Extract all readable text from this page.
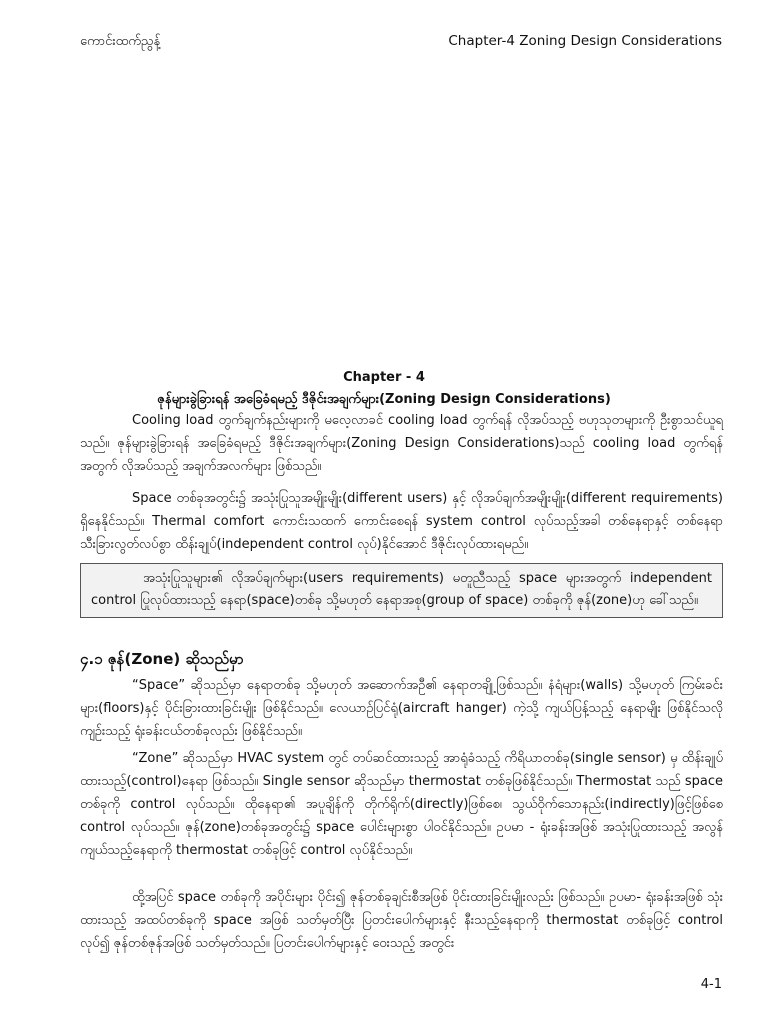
ကောင်းထက်ညွန့်	Chapter-4 Zoning Design Considerations
Chapter - 4
ဇုန်များခွဲခြားရန် အခြေခံရမည့် ဒီဇိုင်းအချက်များ(Zoning Design Considerations)

Cooling load တွက်ချက်နည်းများကို မလေ့လာခင် cooling load တွက်ရန် လိုအပ်သည့် ဗဟုသုတများကို ဦးစွာသင်ယူရသည်။ ဇုန်များခွဲခြားရန် အခြေခံရမည့် ဒီဇိုင်းအချက်များ(Zoning Design Considerations)သည် cooling load တွက်ရန်အတွက် လိုအပ်သည့် အချက်အလက်များ ဖြစ်သည်။

Space တစ်ခုအတွင်း၌ အသုံးပြုသူအမျိုးမျိုး(different users) နှင့် လိုအပ်ချက်အမျိုးမျိုး(different requirements) ရှိနေနိုင်သည်။ Thermal comfort ကောင်းသထက် ကောင်းစေရန် system control လုပ်သည့်အခါ တစ်နေရာနှင့် တစ်နေရာ သီးခြားလွတ်လပ်စွာ ထိန်းချုပ်(independent control လုပ်)နိုင်အောင် ဒီဇိုင်းလုပ်ထားရမည်။

အသုံးပြုသူများ၏ လိုအပ်ချက်များ(users requirements) မတူညီသည့် space များအတွက် independent control ပြုလုပ်ထားသည့် နေရာ(space)တစ်ခု သို့မဟုတ် နေရာအစု(group of space) တစ်ခုကို ဇုန်(zone)ဟု ခေါ်သည်။

၄.၁ ဇုန်(Zone) ဆိုသည်မှာ

“Space” ဆိုသည်မှာ နေရာတစ်ခု သို့မဟုတ် အဆောက်အဦ၏ နေရာတချို့ဖြစ်သည်။ နံရံများ(walls) သို့မဟုတ် ကြမ်းခင်းများ(floors)နှင့် ပိုင်းခြားထားခြင်းမျိုး ဖြစ်နိုင်သည်။ လေယာဉ်ပြင်ရုံ(aircraft hanger) ကဲ့သို့ ကျယ်ပြန့်သည့် နေရာမျိုး ဖြစ်နိုင်သလို ကျဉ်းသည့် ရုံးခန်းငယ်တစ်ခုလည်း ဖြစ်နိုင်သည်။

“Zone” ဆိုသည်မှာ HVAC system တွင် တပ်ဆင်ထားသည့် အာရုံခံသည့် ကိရိယာတစ်ခု(single sensor) မှ ထိန်းချုပ်ထားသည့်(control)နေရာ ဖြစ်သည်။ Single sensor ဆိုသည်မှာ thermostat တစ်ခုဖြစ်နိုင်သည်။ Thermostat သည် space တစ်ခုကို control လုပ်သည်။ ထိုနေရာ၏ အပူချိန်ကို တိုက်ရိုက်(directly)ဖြစ်စေ၊ သွယ်ဝိုက်သောနည်း(indirectly)ဖြင့်ဖြစ်စေ control လုပ်သည်။ ဇုန်(zone)တစ်ခုအတွင်း၌ space ပေါင်းများစွာ ပါဝင်နိုင်သည်။ ဥပမာ - ရုံးခန်းအဖြစ် အသုံးပြုထားသည့် အလွန်ကျယ်သည့်နေရာကို thermostat တစ်ခုဖြင့် control လုပ်နိုင်သည်။

ထို့အပြင် space တစ်ခုကို အပိုင်းများ ပိုင်း၍ ဇုန်တစ်ခုချင်းစီအဖြစ် ပိုင်းထားခြင်းမျိုးလည်း ဖြစ်သည်။ ဥပမာ- ရုံးခန်းအဖြစ် သုံးထားသည့် အထပ်တစ်ခုကို space အဖြစ် သတ်မှတ်ပြီး ပြတင်းပေါက်များနှင့် နီးသည့်နေရာကို thermostat တစ်ခုဖြင့် control လုပ်၍ ဇုန်တစ်ဇုန်အဖြစ် သတ်မှတ်သည်။ ပြတင်းပေါက်များနှင့် ဝေးသည့် အတွင်း

4-1
